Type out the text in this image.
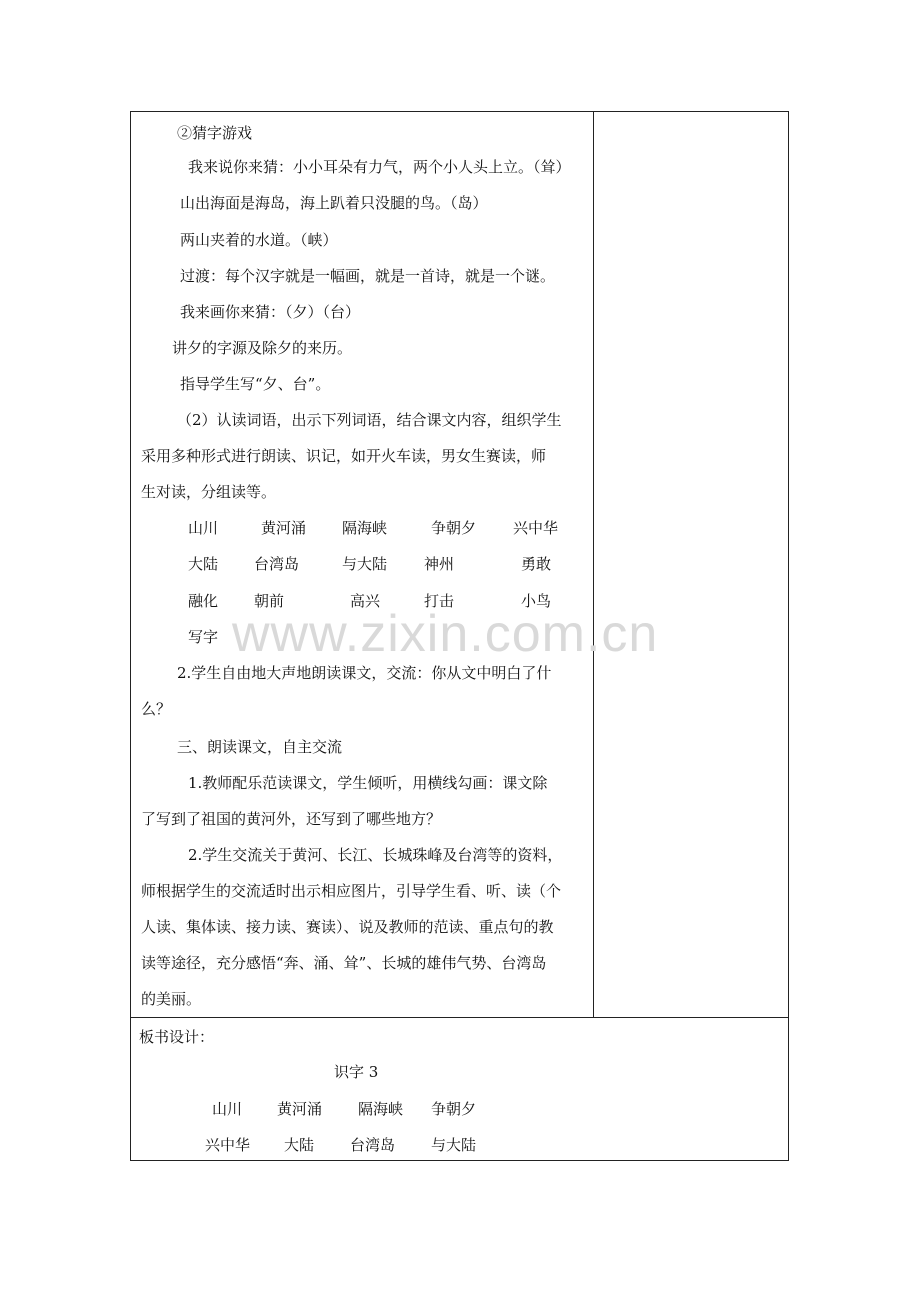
②猜字游戏
我来说你来猜：小小耳朵有力气，两个小人头上立。（耸）
山出海面是海岛，海上趴着只没腿的鸟。（岛）
两山夹着的水道。（峡）
过渡：每个汉字就是一幅画，就是一首诗，就是一个谜。
我来画你来猜：（夕）（台）
讲夕的字源及除夕的来历。
指导学生写“夕、台”。
（2）认读词语，出示下列词语，结合课文内容，组织学生
采用多种形式进行朗读、识记，如开火车读，男女生赛读，师
生对读，分组读等。
山川	黄河涌 隔海峡	争朝夕 兴中华
大陆 台湾岛	与大陆 神州	勇敢
融化 朝前	高兴	打击	小鸟
写字 www.zixin.com.cn
2.学生自由地大声地朗读课文，交流：你从文中明白了什
么？
三、朗读课文，自主交流
1.教师配乐范读课文，学生倾听，用横线勾画：课文除
了写到了祖国的黄河外，还写到了哪些地方？
2.学生交流关于黄河、长江、长城珠峰及台湾等的资料，
师根据学生的交流适时出示相应图片，引导学生看、听、读（个
人读、集体读、接力读、赛读）、说及教师的范读、重点句的教
读等途径，充分感悟“奔、涌、耸”、长城的雄伟气势、台湾岛
的美丽。
板书设计：
识字 3
山川 黄河涌 隔海峡 争朝夕
兴中华 大陆 台湾岛 与大陆
